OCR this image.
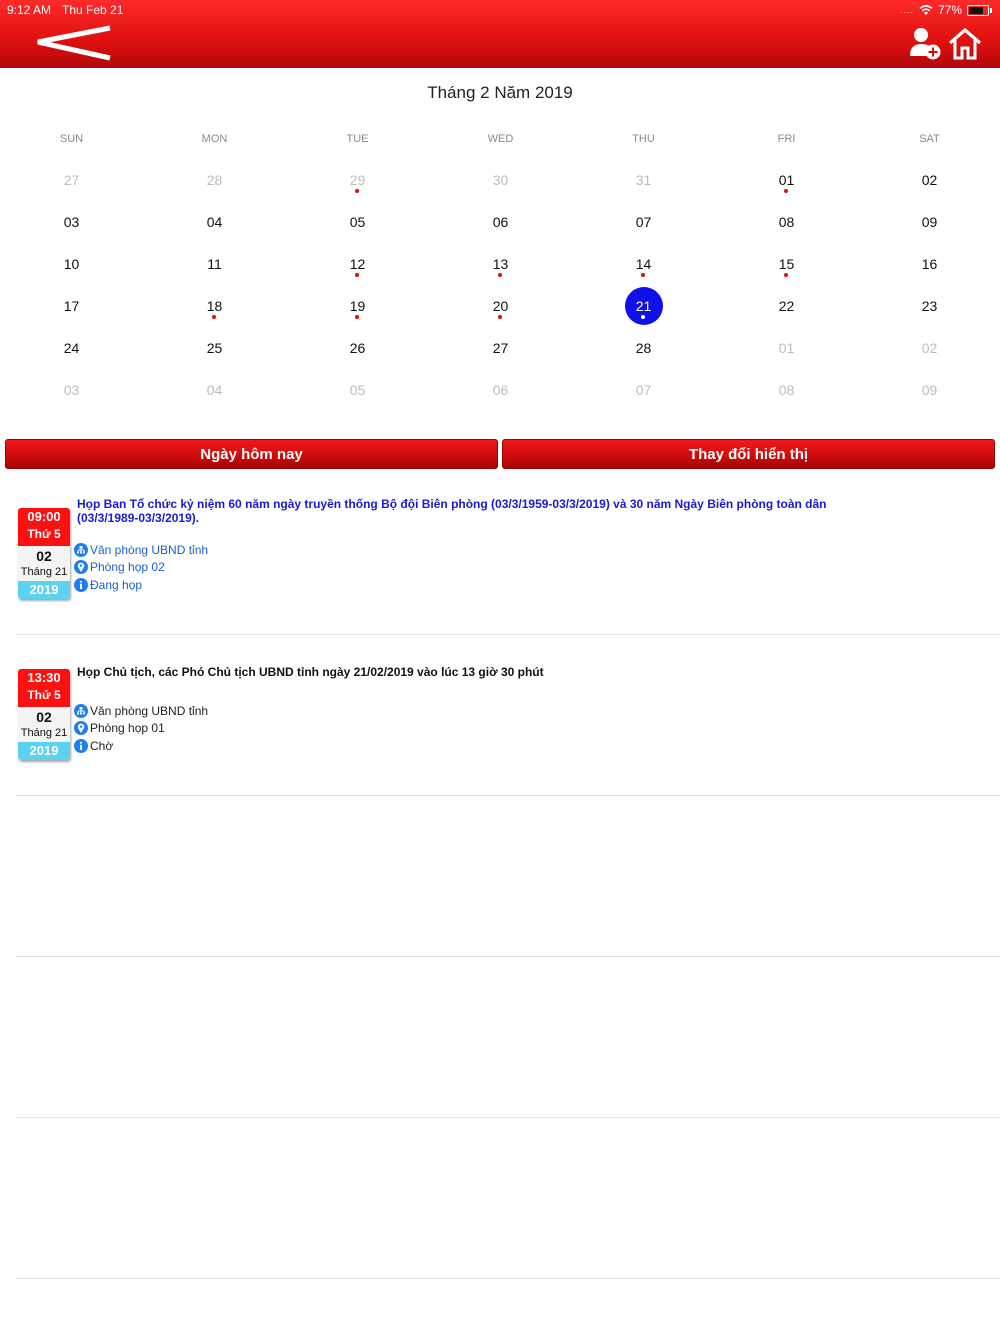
9:12 AM Thu Feb 21	.... 77%
Tháng 2 Năm 2019
SUN	MON	TUE	WED	THU	FRI	SAT
27	28	29	30	31	01	02
03	04	05	06	07	08	09
10	11	12	13	14	15	16
17	18	19	20	21	22	23
24	25	26	27	28	01	02
03	04	05	06	07	08	09
Ngày hôm nay	Thay đổi hiển thị
09:00
Thứ 5
02
Tháng 21
2019
Họp Ban Tổ chức kỷ niệm 60 năm ngày truyền thống Bộ đội Biên phòng (03/3/1959-03/3/2019) và 30 năm Ngày Biên phòng toàn dân (03/3/1989-03/3/2019).
Văn phòng UBND tỉnh
Phòng họp 02
Đang họp
13:30
Thứ 5
02
Tháng 21
2019
Họp Chủ tịch, các Phó Chủ tịch UBND tỉnh ngày 21/02/2019 vào lúc 13 giờ 30 phút
Văn phòng UBND tỉnh
Phòng họp 01
Chờ
